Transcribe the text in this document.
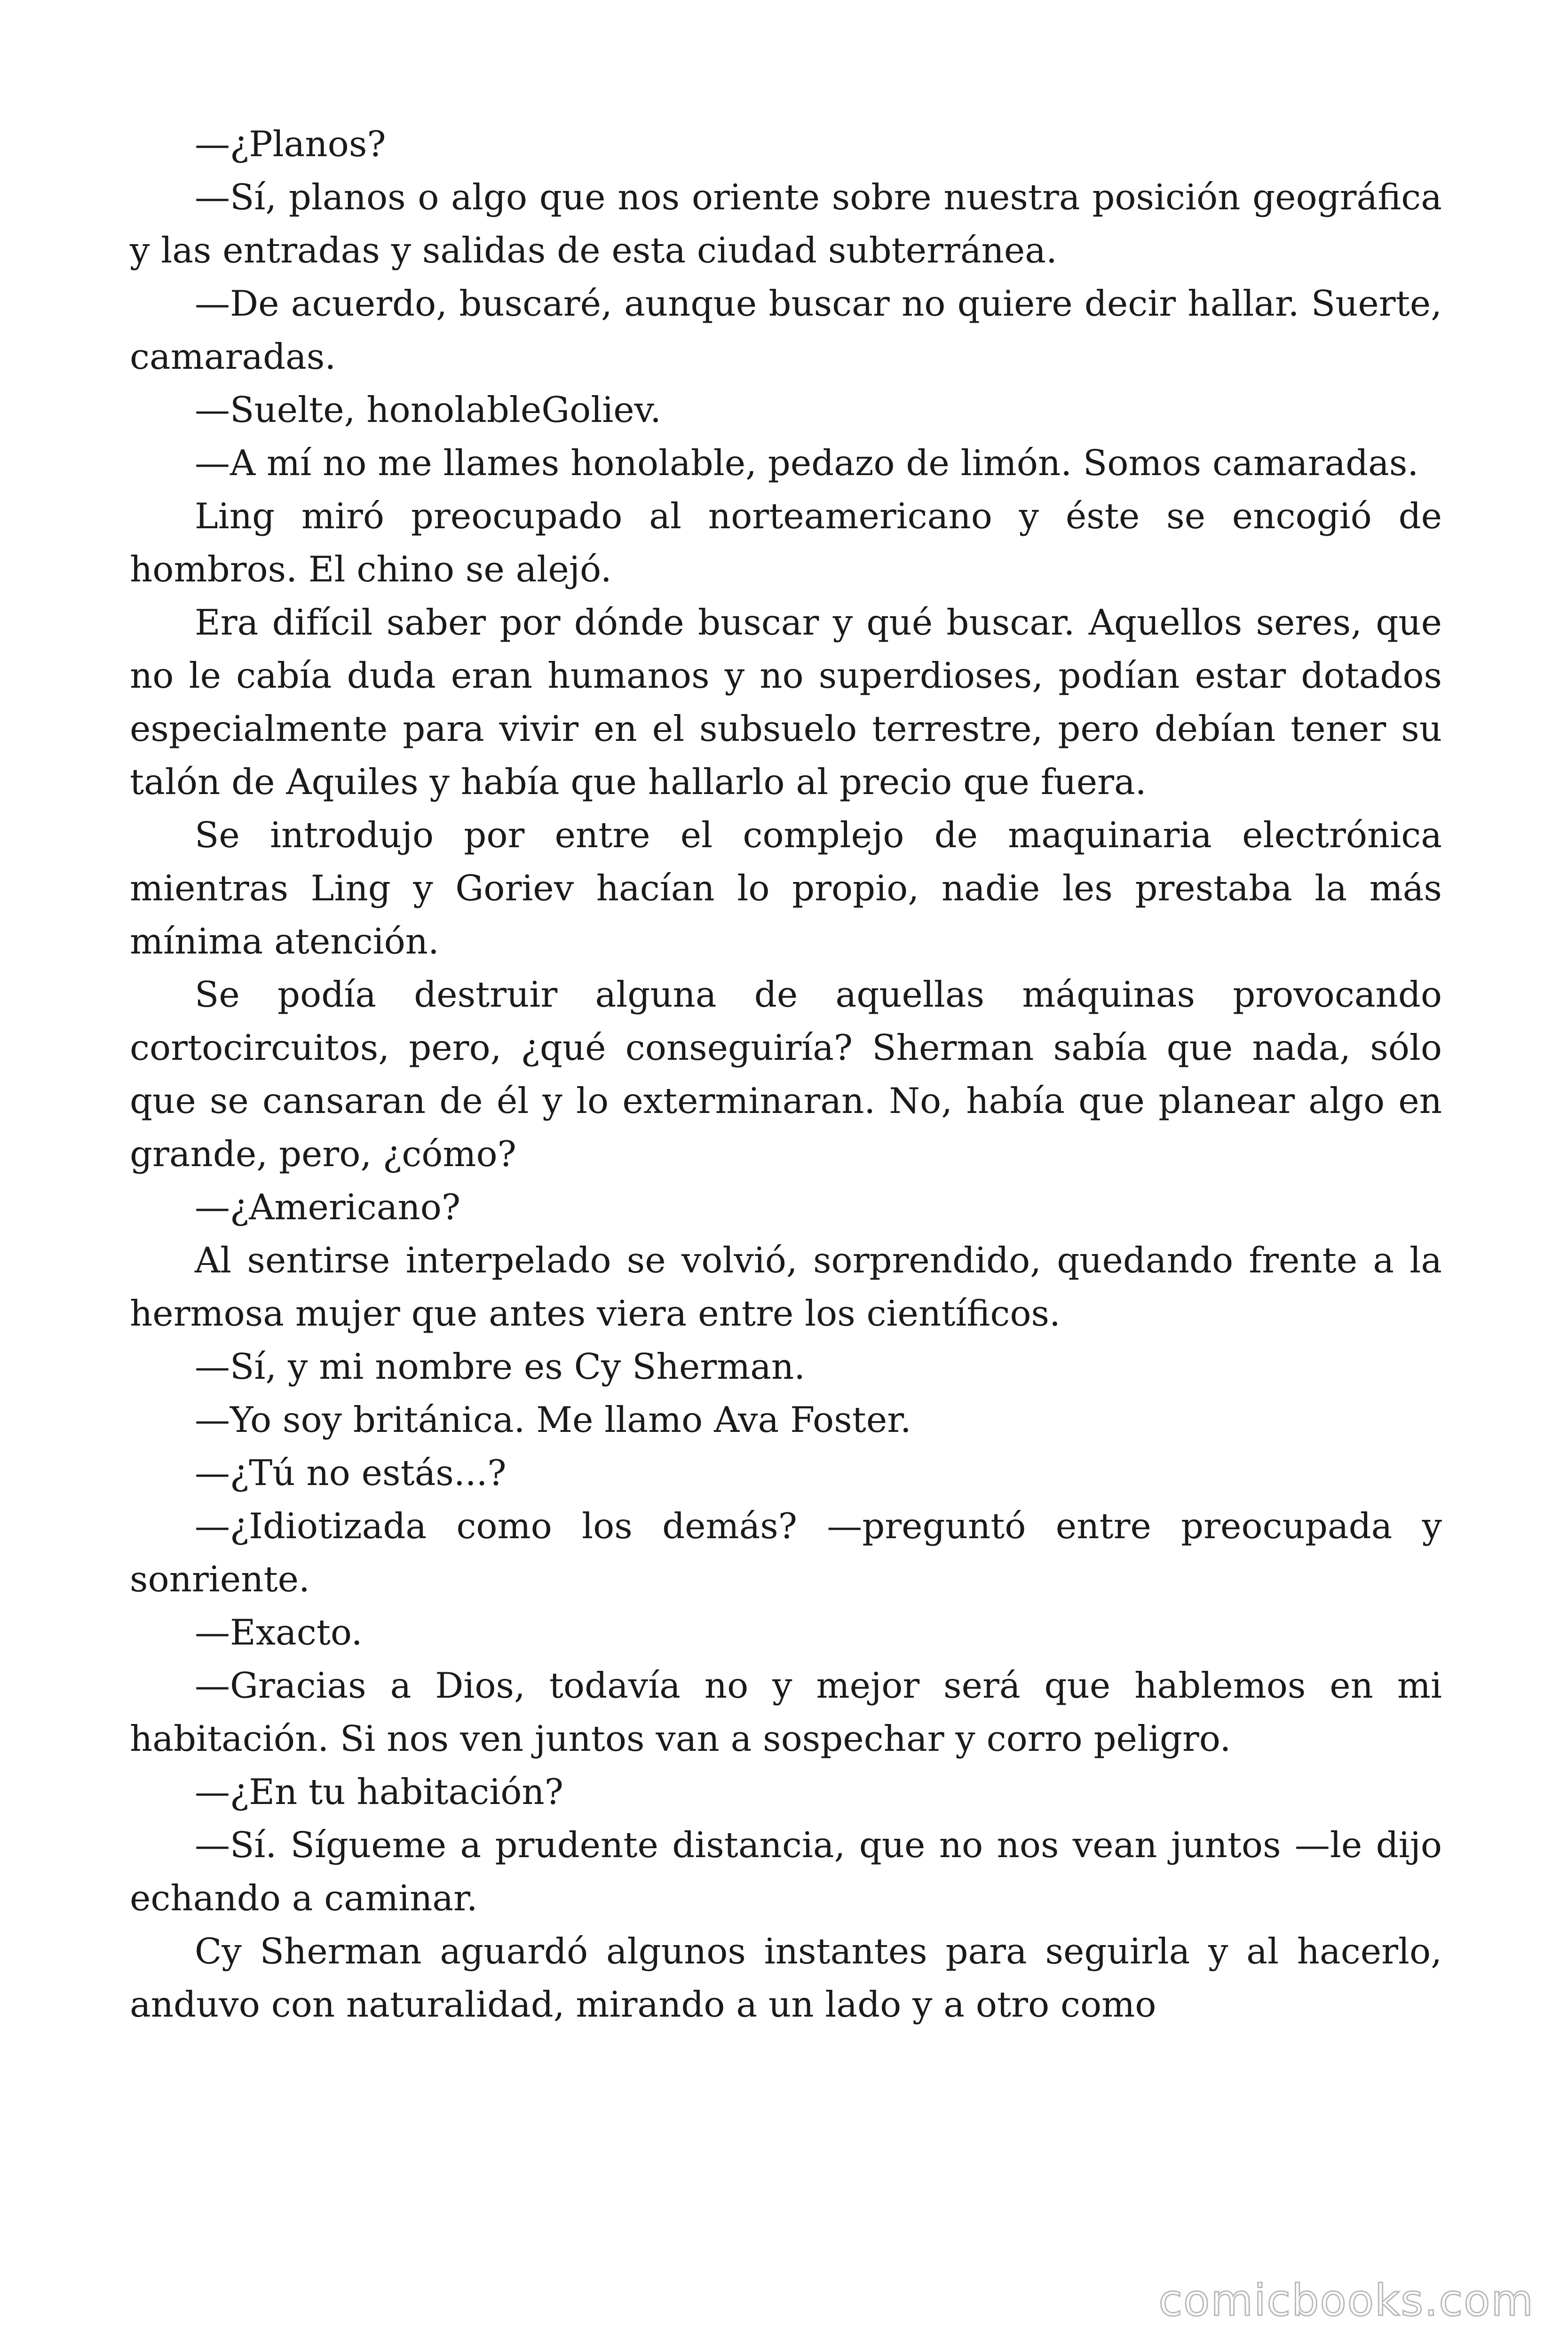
—¿Planos?

—Sí, planos o algo que nos oriente sobre nuestra posición geográfica y las entradas y salidas de esta ciudad subterránea.

—De acuerdo, buscaré, aunque buscar no quiere decir hallar. Suerte, camaradas.

—Suelte, honolableGoliev.

—A mí no me llames honolable, pedazo de limón. Somos camaradas.

Ling miró preocupado al norteamericano y éste se encogió de hombros. El chino se alejó.

Era difícil saber por dónde buscar y qué buscar. Aquellos seres, que no le cabía duda eran humanos y no superdioses, podían estar dotados especialmente para vivir en el subsuelo terrestre, pero debían tener su talón de Aquiles y había que hallarlo al precio que fuera.

Se introdujo por entre el complejo de maquinaria electrónica mientras Ling y Goriev hacían lo propio, nadie les prestaba la más mínima atención.

Se podía destruir alguna de aquellas máquinas provocando cortocircuitos, pero, ¿qué conseguiría? Sherman sabía que nada, sólo que se cansaran de él y lo exterminaran. No, había que planear algo en grande, pero, ¿cómo?

—¿Americano?

Al sentirse interpelado se volvió, sorprendido, quedando frente a la hermosa mujer que antes viera entre los científicos.

—Sí, y mi nombre es Cy Sherman.

—Yo soy británica. Me llamo Ava Foster.

—¿Tú no estás...?

—¿Idiotizada como los demás? —preguntó entre preocupada y sonriente.

—Exacto.

—Gracias a Dios, todavía no y mejor será que hablemos en mi habitación. Si nos ven juntos van a sospechar y corro peligro.

—¿En tu habitación?

—Sí. Sígueme a prudente distancia, que no nos vean juntos —le dijo echando a caminar.

Cy Sherman aguardó algunos instantes para seguirla y al hacerlo, anduvo con naturalidad, mirando a un lado y a otro como

comicbooks.com
